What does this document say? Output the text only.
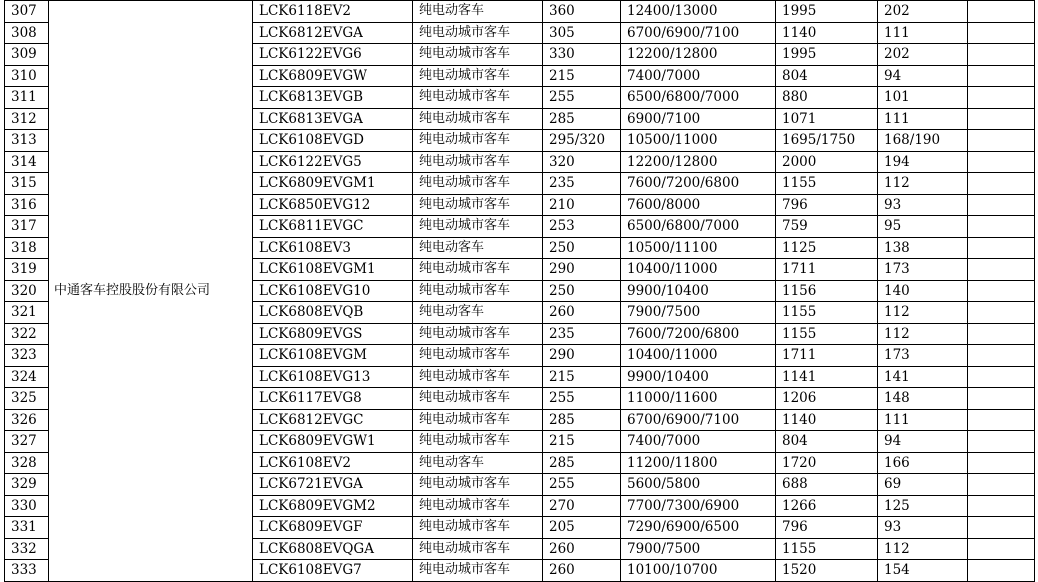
307	中通客车控股股份有限公司	LCK6118EV2	纯电动客车	360	12400/13000	1995	202	
308		LCK6812EVGA	纯电动城市客车	305	6700/6900/7100	1140	111	
309		LCK6122EVG6	纯电动城市客车	330	12200/12800	1995	202	
310		LCK6809EVGW	纯电动城市客车	215	7400/7000	804	94	
311		LCK6813EVGB	纯电动城市客车	255	6500/6800/7000	880	101	
312		LCK6813EVGA	纯电动城市客车	285	6900/7100	1071	111	
313		LCK6108EVGD	纯电动城市客车	295/320	10500/11000	1695/1750	168/190	
314		LCK6122EVG5	纯电动城市客车	320	12200/12800	2000	194	
315		LCK6809EVGM1	纯电动城市客车	235	7600/7200/6800	1155	112	
316		LCK6850EVG12	纯电动城市客车	210	7600/8000	796	93	
317		LCK6811EVGC	纯电动城市客车	253	6500/6800/7000	759	95	
318		LCK6108EV3	纯电动客车	250	10500/11100	1125	138	
319		LCK6108EVGM1	纯电动城市客车	290	10400/11000	1711	173	
320		LCK6108EVG10	纯电动城市客车	250	9900/10400	1156	140	
321		LCK6808EVQB	纯电动客车	260	7900/7500	1155	112	
322		LCK6809EVGS	纯电动城市客车	235	7600/7200/6800	1155	112	
323		LCK6108EVGM	纯电动城市客车	290	10400/11000	1711	173	
324		LCK6108EVG13	纯电动城市客车	215	9900/10400	1141	141	
325		LCK6117EVG8	纯电动城市客车	255	11000/11600	1206	148	
326		LCK6812EVGC	纯电动城市客车	285	6700/6900/7100	1140	111	
327		LCK6809EVGW1	纯电动城市客车	215	7400/7000	804	94	
328		LCK6108EV2	纯电动客车	285	11200/11800	1720	166	
329		LCK6721EVGA	纯电动城市客车	255	5600/5800	688	69	
330		LCK6809EVGM2	纯电动城市客车	270	7700/7300/6900	1266	125	
331		LCK6809EVGF	纯电动城市客车	205	7290/6900/6500	796	93	
332		LCK6808EVQGA	纯电动城市客车	260	7900/7500	1155	112	
333		LCK6108EVG7	纯电动城市客车	260	10100/10700	1520	154	
